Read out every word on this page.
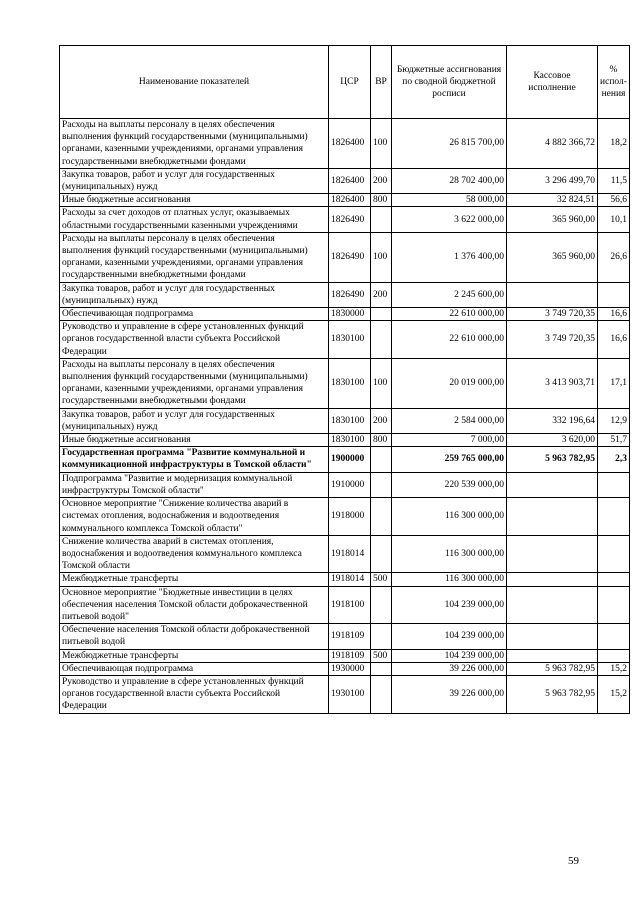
Наименование показателей	ЦСР	ВР	Бюджетные ассигнования по сводной бюджетной росписи	Кассовое исполнение	% испол-нения
Расходы на выплаты персоналу в целях обеспечения выполнения функций государственными (муниципальными) органами, казенными учреждениями, органами управления государственными внебюджетными фондами	1826400	100	26 815 700,00	4 882 366,72	18,2
Закупка товаров, работ и услуг для государственных (муниципальных) нужд	1826400	200	28 702 400,00	3 296 499,70	11,5
Иные бюджетные ассигнования	1826400	800	58 000,00	32 824,51	56,6
Расходы за счет доходов от платных услуг, оказываемых областными государственными казенными учреждениями	1826490		3 622 000,00	365 960,00	10,1
Расходы на выплаты персоналу в целях обеспечения выполнения функций государственными (муниципальными) органами, казенными учреждениями, органами управления государственными внебюджетными фондами	1826490	100	1 376 400,00	365 960,00	26,6
Закупка товаров, работ и услуг для государственных (муниципальных) нужд	1826490	200	2 245 600,00		
Обеспечивающая подпрограмма	1830000		22 610 000,00	3 749 720,35	16,6
Руководство и управление в сфере установленных функций органов государственной власти субъекта Российской Федерации	1830100		22 610 000,00	3 749 720,35	16,6
Расходы на выплаты персоналу в целях обеспечения выполнения функций государственными (муниципальными) органами, казенными учреждениями, органами управления государственными внебюджетными фондами	1830100	100	20 019 000,00	3 413 903,71	17,1
Закупка товаров, работ и услуг для государственных (муниципальных) нужд	1830100	200	2 584 000,00	332 196,64	12,9
Иные бюджетные ассигнования	1830100	800	7 000,00	3 620,00	51,7
Государственная программа "Развитие коммунальной и коммуникационной инфраструктуры в Томской области"	1900000		259 765 000,00	5 963 782,95	2,3
Подпрограмма "Развитие и модернизация коммунальной инфраструктуры Томской области"	1910000		220 539 000,00		
Основное мероприятие "Снижение количества аварий в системах отопления, водоснабжения и водоотведения коммунального комплекса Томской области"	1918000		116 300 000,00		
Снижение количества аварий в системах отопления, водоснабжения и водоотведения коммунального комплекса Томской области	1918014		116 300 000,00		
Межбюджетные трансферты	1918014	500	116 300 000,00		
Основное мероприятие "Бюджетные инвестиции в целях обеспечения населения Томской области доброкачественной питьевой водой"	1918100		104 239 000,00		
Обеспечение населения Томской области доброкачественной питьевой водой	1918109		104 239 000,00		
Межбюджетные трансферты	1918109	500	104 239 000,00		
Обеспечивающая подпрограмма	1930000		39 226 000,00	5 963 782,95	15,2
Руководство и управление в сфере установленных функций органов государственной власти субъекта Российской Федерации	1930100		39 226 000,00	5 963 782,95	15,2
59
